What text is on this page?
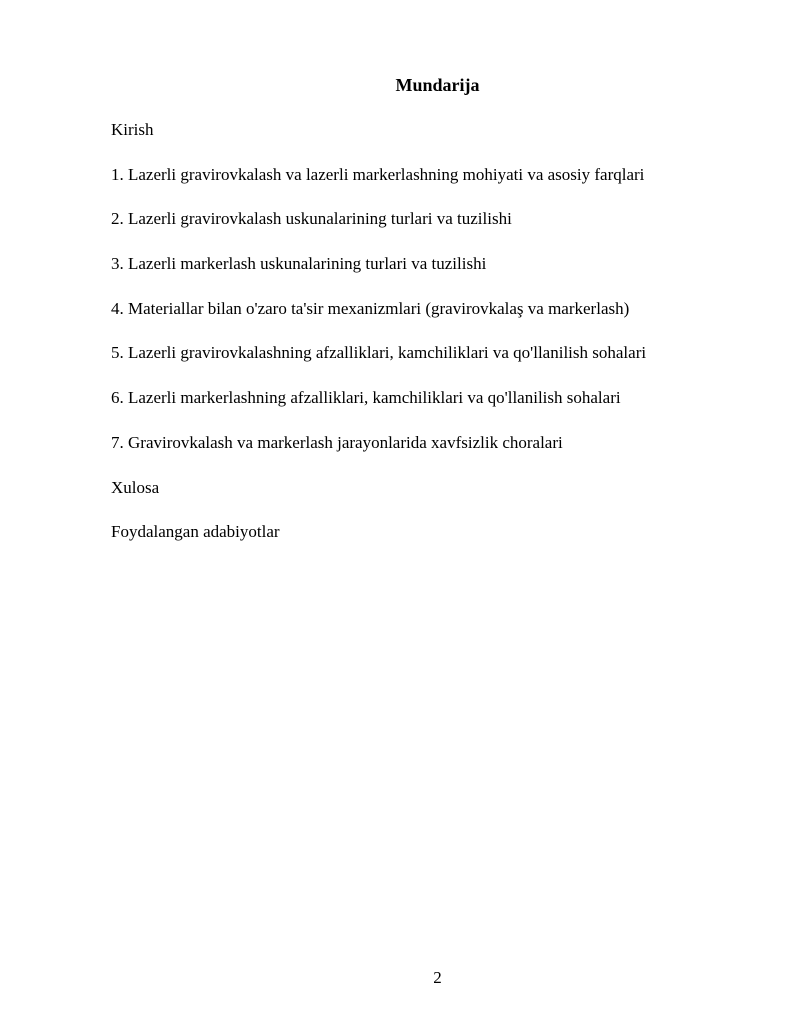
Mundarija
Kirish
1. Lazerli gravirovkalash va lazerli markerlashning mohiyati va asosiy farqlari
2. Lazerli gravirovkalash uskunalarining turlari va tuzilishi
3. Lazerli markerlash uskunalarining turlari va tuzilishi
4. Materiallar bilan o'zaro ta'sir mexanizmlari (gravirovkalaş va markerlash)
5. Lazerli gravirovkalashning afzalliklari, kamchiliklari va qo'llanilish sohalari
6. Lazerli markerlashning afzalliklari, kamchiliklari va qo'llanilish sohalari
7. Gravirovkalash va markerlash jarayonlarida xavfsizlik choralari
Xulosa
Foydalangan adabiyotlar
2
